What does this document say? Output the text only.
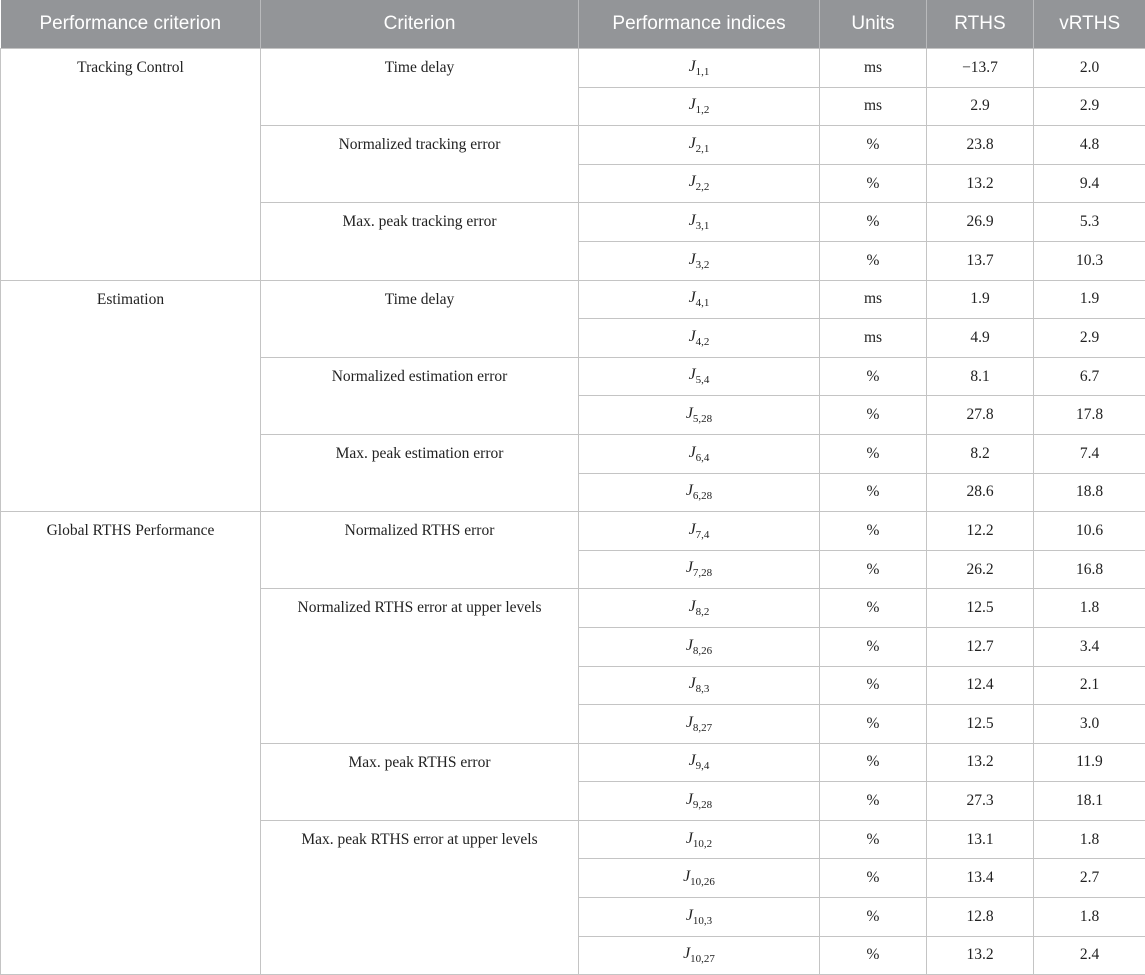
Performance criterion	Criterion	Performance indices	Units	RTHS	vRTHS
Tracking Control	Time delay	$J_{1,1}$	ms	−13.7	2.0
		$J_{1,2}$	ms	2.9	2.9
	Normalized tracking error	$J_{2,1}$	%	23.8	4.8
		$J_{2,2}$	%	13.2	9.4
	Max. peak tracking error	$J_{3,1}$	%	26.9	5.3
		$J_{3,2}$	%	13.7	10.3
Estimation	Time delay	$J_{4,1}$	ms	1.9	1.9
		$J_{4,2}$	ms	4.9	2.9
	Normalized estimation error	$J_{5,4}$	%	8.1	6.7
		$J_{5,28}$	%	27.8	17.8
	Max. peak estimation error	$J_{6,4}$	%	8.2	7.4
		$J_{6,28}$	%	28.6	18.8
Global RTHS Performance	Normalized RTHS error	$J_{7,4}$	%	12.2	10.6
		$J_{7,28}$	%	26.2	16.8
	Normalized RTHS error at upper levels	$J_{8,2}$	%	12.5	1.8
		$J_{8,26}$	%	12.7	3.4
		$J_{8,3}$	%	12.4	2.1
		$J_{8,27}$	%	12.5	3.0
	Max. peak RTHS error	$J_{9,4}$	%	13.2	11.9
		$J_{9,28}$	%	27.3	18.1
	Max. peak RTHS error at upper levels	$J_{10,2}$	%	13.1	1.8
		$J_{10,26}$	%	13.4	2.7
		$J_{10,3}$	%	12.8	1.8
		$J_{10,27}$	%	13.2	2.4
